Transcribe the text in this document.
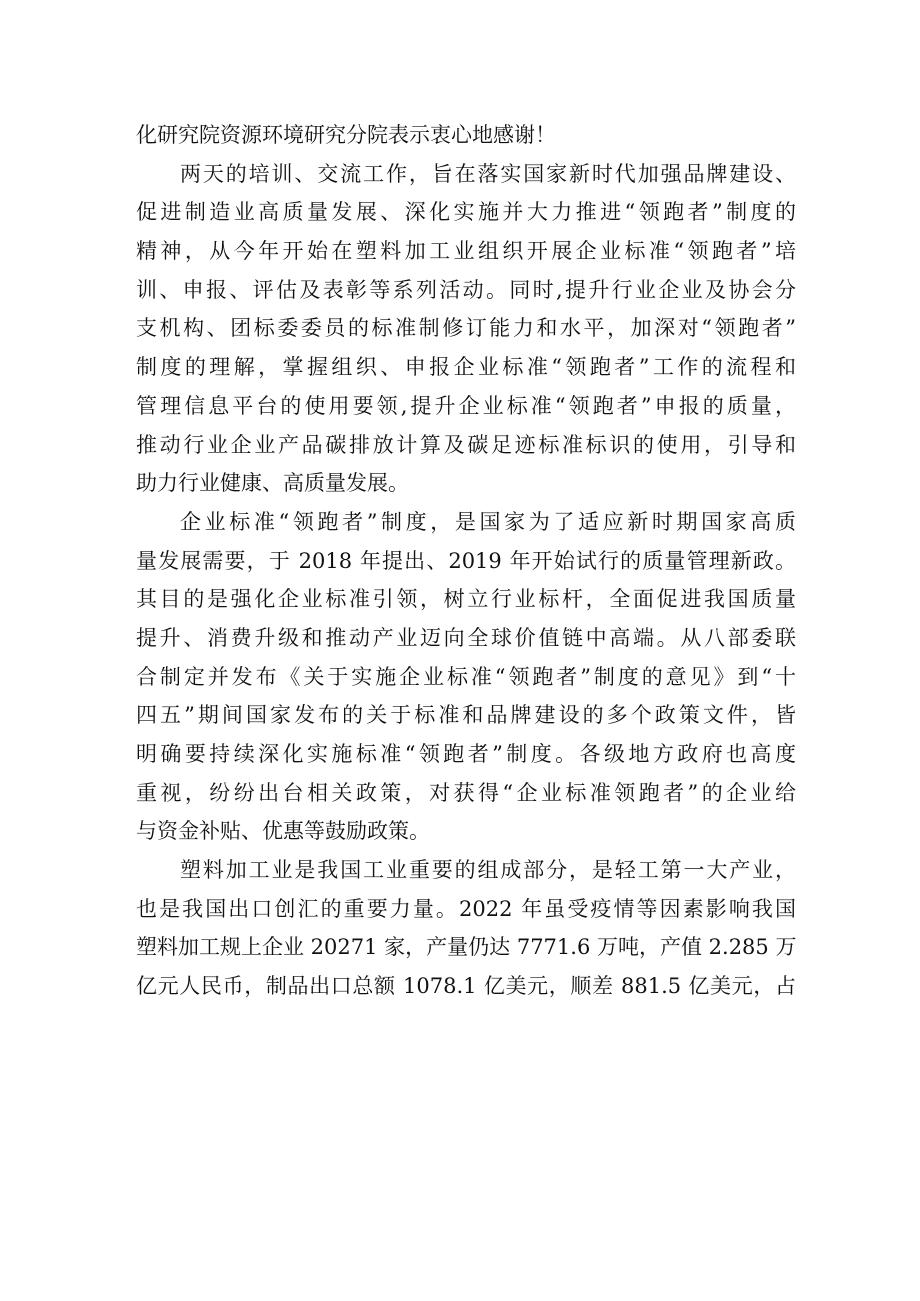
化研究院资源环境研究分院表示衷心地感谢！
两天的培训、交流工作，旨在落实国家新时代加强品牌建设、
促进制造业高质量发展、深化实施并大力推进“领跑者”制度的
精神，从今年开始在塑料加工业组织开展企业标准“领跑者”培
训、申报、评估及表彰等系列活动。同时,提升行业企业及协会分
支机构、团标委委员的标准制修订能力和水平，加深对“领跑者”
制度的理解，掌握组织、申报企业标准“领跑者”工作的流程和
管理信息平台的使用要领,提升企业标准“领跑者”申报的质量，
推动行业企业产品碳排放计算及碳足迹标准标识的使用，引导和
助力行业健康、高质量发展。
企业标准“领跑者”制度，是国家为了适应新时期国家高质
量发展需要，于 2018 年提出、2019 年开始试行的质量管理新政。
其目的是强化企业标准引领，树立行业标杆，全面促进我国质量
提升、消费升级和推动产业迈向全球价值链中高端。从八部委联
合制定并发布《关于实施企业标准“领跑者”制度的意见》到“十
四五”期间国家发布的关于标准和品牌建设的多个政策文件，皆
明确要持续深化实施标准“领跑者”制度。各级地方政府也高度
重视，纷纷出台相关政策，对获得“企业标准领跑者”的企业给
与资金补贴、优惠等鼓励政策。
塑料加工业是我国工业重要的组成部分，是轻工第一大产业，
也是我国出口创汇的重要力量。2022 年虽受疫情等因素影响我国
塑料加工规上企业 20271 家，产量仍达 7771.6 万吨，产值 2.285 万
亿元人民币，制品出口总额 1078.1 亿美元，顺差 881.5 亿美元，占
